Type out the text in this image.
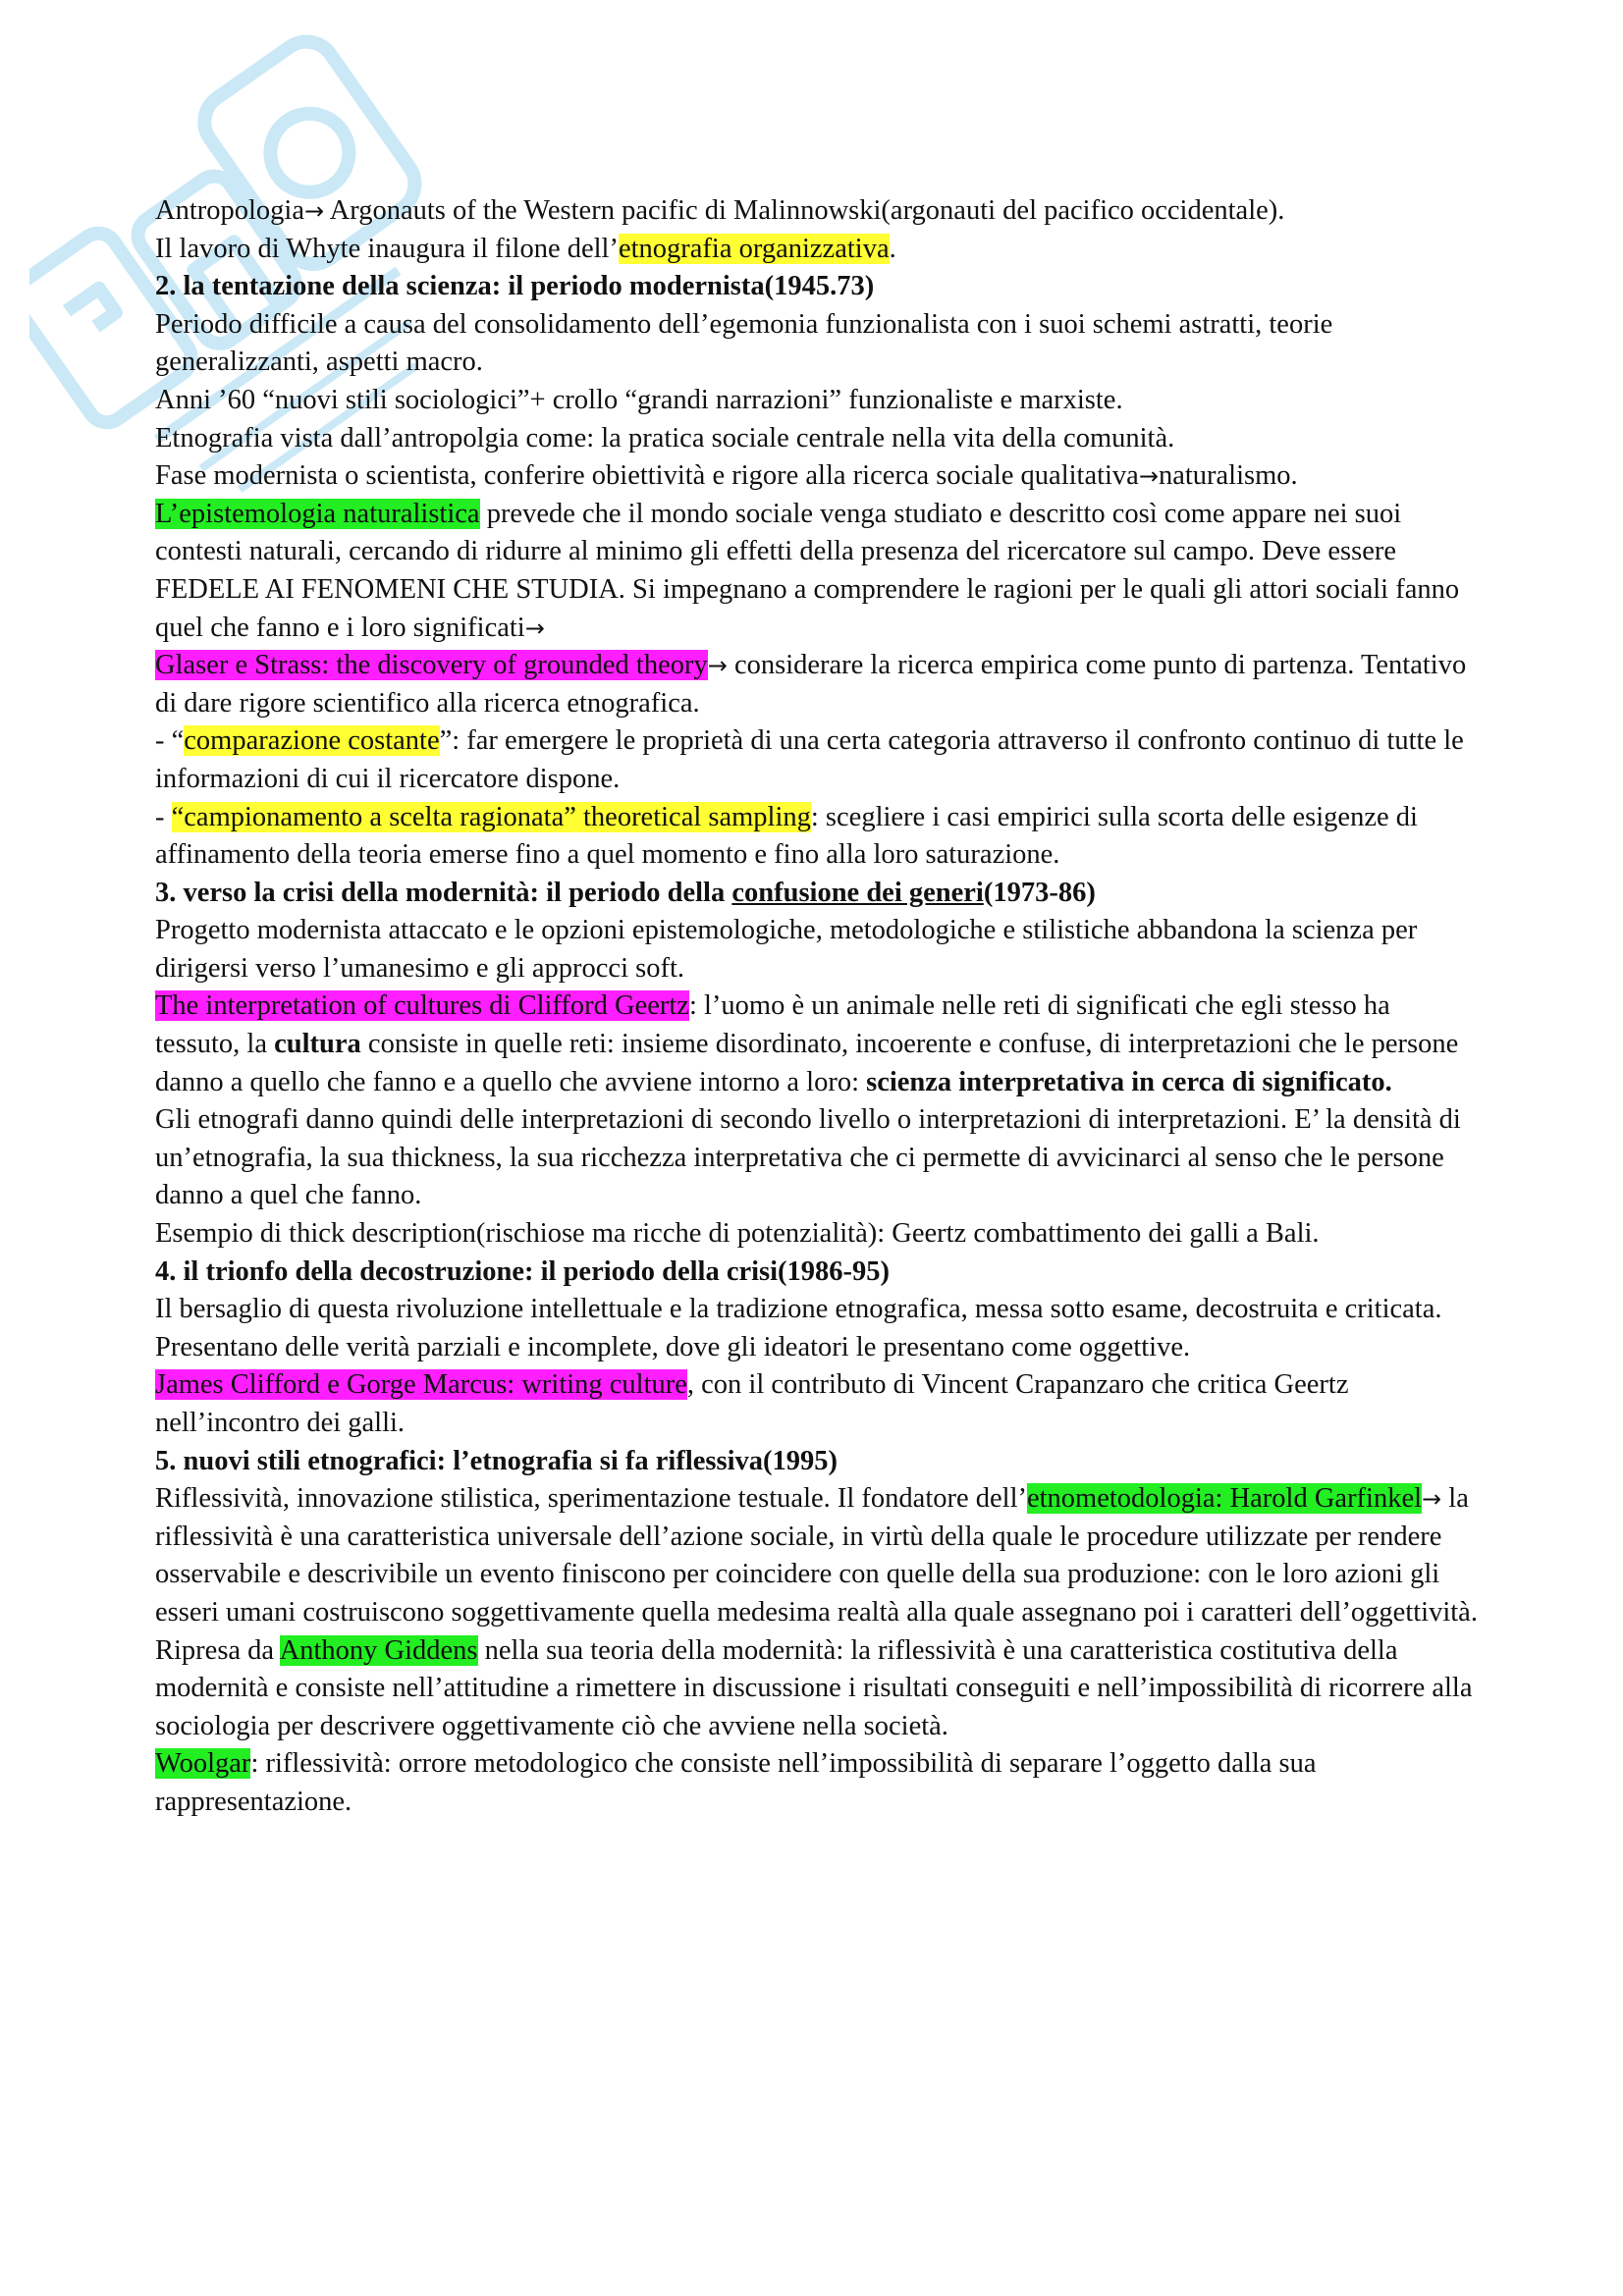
Antropologia→ Argonauts of the Western pacific di Malinnowski(argonauti del pacifico occidentale).

Il lavoro di Whyte inaugura il filone dell’etnografia organizzativa.

2. la tentazione della scienza: il periodo modernista(1945.73)

Periodo difficile a causa del consolidamento dell’egemonia funzionalista con i suoi schemi astratti, teorie generalizzanti, aspetti macro.

Anni ’60 “nuovi stili sociologici”+ crollo “grandi narrazioni” funzionaliste e marxiste.

Etnografia vista dall’antropolgia come: la pratica sociale centrale nella vita della comunità.

Fase modernista o scientista, conferire obiettività e rigore alla ricerca sociale qualitativa→naturalismo.

L’epistemologia naturalistica prevede che il mondo sociale venga studiato e descritto così come appare nei suoi contesti naturali, cercando di ridurre al minimo gli effetti della presenza del ricercatore sul campo. Deve essere FEDELE AI FENOMENI CHE STUDIA. Si impegnano a comprendere le ragioni per le quali gli attori sociali fanno quel che fanno e i loro significati→
Glaser e Strass: the discovery of grounded theory→ considerare la ricerca empirica come punto di partenza. Tentativo di dare rigore scientifico alla ricerca etnografica.

- “comparazione costante”: far emergere le proprietà di una certa categoria attraverso il confronto continuo di tutte le informazioni di cui il ricercatore dispone.

- “campionamento a scelta ragionata” theoretical sampling: scegliere i casi empirici sulla scorta delle esigenze di affinamento della teoria emerse fino a quel momento e fino alla loro saturazione.

3. verso la crisi della modernità: il periodo della confusione dei generi(1973-86)

Progetto modernista attaccato e le opzioni epistemologiche, metodologiche e stilistiche abbandona la scienza per dirigersi verso l’umanesimo e gli approcci soft.

The interpretation of cultures di Clifford Geertz: l’uomo è un animale nelle reti di significati che egli stesso ha tessuto, la cultura consiste in quelle reti: insieme disordinato, incoerente e confuse, di interpretazioni che le persone danno a quello che fanno e a quello che avviene intorno a loro: scienza interpretativa in cerca di significato.

Gli etnografi danno quindi delle interpretazioni di secondo livello o interpretazioni di interpretazioni. E’ la densità di un’etnografia, la sua thickness, la sua ricchezza interpretativa che ci permette di avvicinarci al senso che le persone danno a quel che fanno.

Esempio di thick description(rischiose ma ricche di potenzialità): Geertz combattimento dei galli a Bali.

4. il trionfo della decostruzione: il periodo della crisi(1986-95)

Il bersaglio di questa rivoluzione intellettuale e la tradizione etnografica, messa sotto esame, decostruita e criticata. Presentano delle verità parziali e incomplete, dove gli ideatori le presentano come oggettive.

James Clifford e Gorge Marcus: writing culture, con il contributo di Vincent Crapanzaro che critica Geertz nell’incontro dei galli.

5. nuovi stili etnografici: l’etnografia si fa riflessiva(1995)

Riflessività, innovazione stilistica, sperimentazione testuale. Il fondatore dell’etnometodologia: Harold Garfinkel→ la riflessività è una caratteristica universale dell’azione sociale, in virtù della quale le procedure utilizzate per rendere osservabile e descrivibile un evento finiscono per coincidere con quelle della sua produzione: con le loro azioni gli esseri umani costruiscono soggettivamente quella medesima realtà alla quale assegnano poi i caratteri dell’oggettività.

Ripresa da Anthony Giddens nella sua teoria della modernità: la riflessività è una caratteristica costitutiva della modernità e consiste nell’attitudine a rimettere in discussione i risultati conseguiti e nell’impossibilità di ricorrere alla sociologia per descrivere oggettivamente ciò che avviene nella società.

Woolgar: riflessività: orrore metodologico che consiste nell’impossibilità di separare l’oggetto dalla sua rappresentazione.
